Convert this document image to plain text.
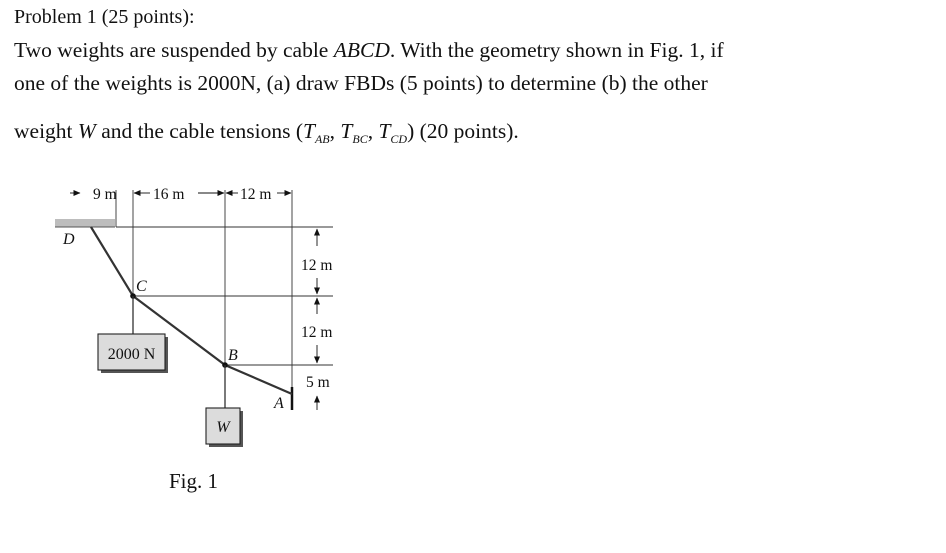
Problem 1 (25 points):
Two weights are suspended by cable ABCD. With the geometry shown in Fig. 1, if
one of the weights is 2000N, (a) draw FBDs (5 points) to determine (b) the other
weight W and the cable tensions ($T_{AB}$, $T_{BC}$, $T_{CD}$) (20 points).
9 m 16 m	12 m
12 m
12 m
5 m
2000 N
W
D
C
B
A
Fig. 1
